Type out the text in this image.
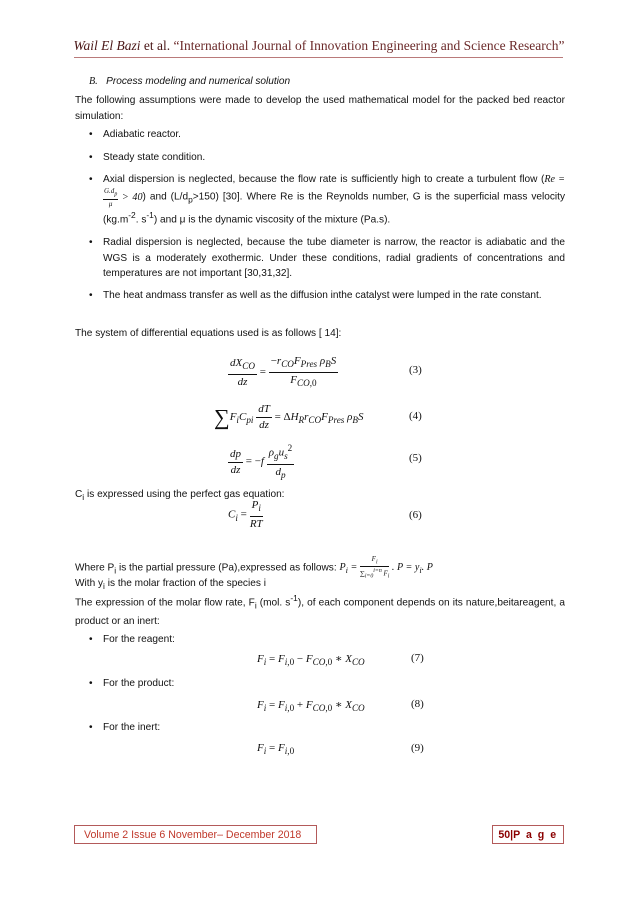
Wail El Bazi et al. “International Journal of Innovation Engineering and Science Research”
B. Process modeling and numerical solution

The following assumptions were made to develop the used mathematical model for the packed bed reactor simulation:

• Adiabatic reactor.
• Steady state condition.
• Axial dispersion is neglected, because the flow rate is sufficiently high to create a turbulent flow (Re =
$\frac{G.d_p}{\mu} > 40$) and $(L/d_p>150)$ [30]. Where Re is the Reynolds number, G is the superficial mass velocity ($kg.m^{-2}$. $s^{-1}$) and μ is the dynamic viscosity of the mixture (Pa.s).
• Radial dispersion is neglected, because the tube diameter is narrow, the reactor is adiabatic and the WGS is a moderately exothermic. Under these conditions, radial gradients of concentrations and temperatures are not important [30,31,32].
• The heat andmass transfer as well as the diffusion inthe catalyst were lumped in the rate constant.
The system of differential equations used is as follows [ 14]:
$\frac{dX_{CO}}{dz} = \frac{-r_{CO}F_{Pres} \rho_BS}{F_{CO,0}}$	(3)
$\sum F_iC_{pi} \frac{dT}{dz} = \Delta H_Rr_{CO}F_{Pres}$ $\rho_BS$	(4)
$\frac{dp}{dz} = -f \frac{\rho_gu_s^2}{d_p}$	(5)
$C_i$ is expressed using the perfect gas equation:
$C_i = \frac{P_i}{RT}$	(6)
Where $P_i$ is the partial pressure (Pa),expressed as follows: $P_i = \frac{F_i}{\sum_{i=0}^{i=n} F_i}$ . $P = y_i$. P
With $y_i$ is the molar fraction of the species i
The expression of the molar flow rate, $F_i$ (mol. $s^{-1}$), of each component depends on its nature,beitareagent, a product or an inert:
• For the reagent:
$F_i = F_{i,0} - F_{CO,0}$ ∗ $X_{CO}$	(7)
• For the product:
$F_i = F_{i,0} + F_{CO,0}$ ∗ $X_{CO}$	(8)
• For the inert:
$F_i = F_{i,0}$	(9)
Volume 2 Issue 6 November– December 2018	50|P a g e
